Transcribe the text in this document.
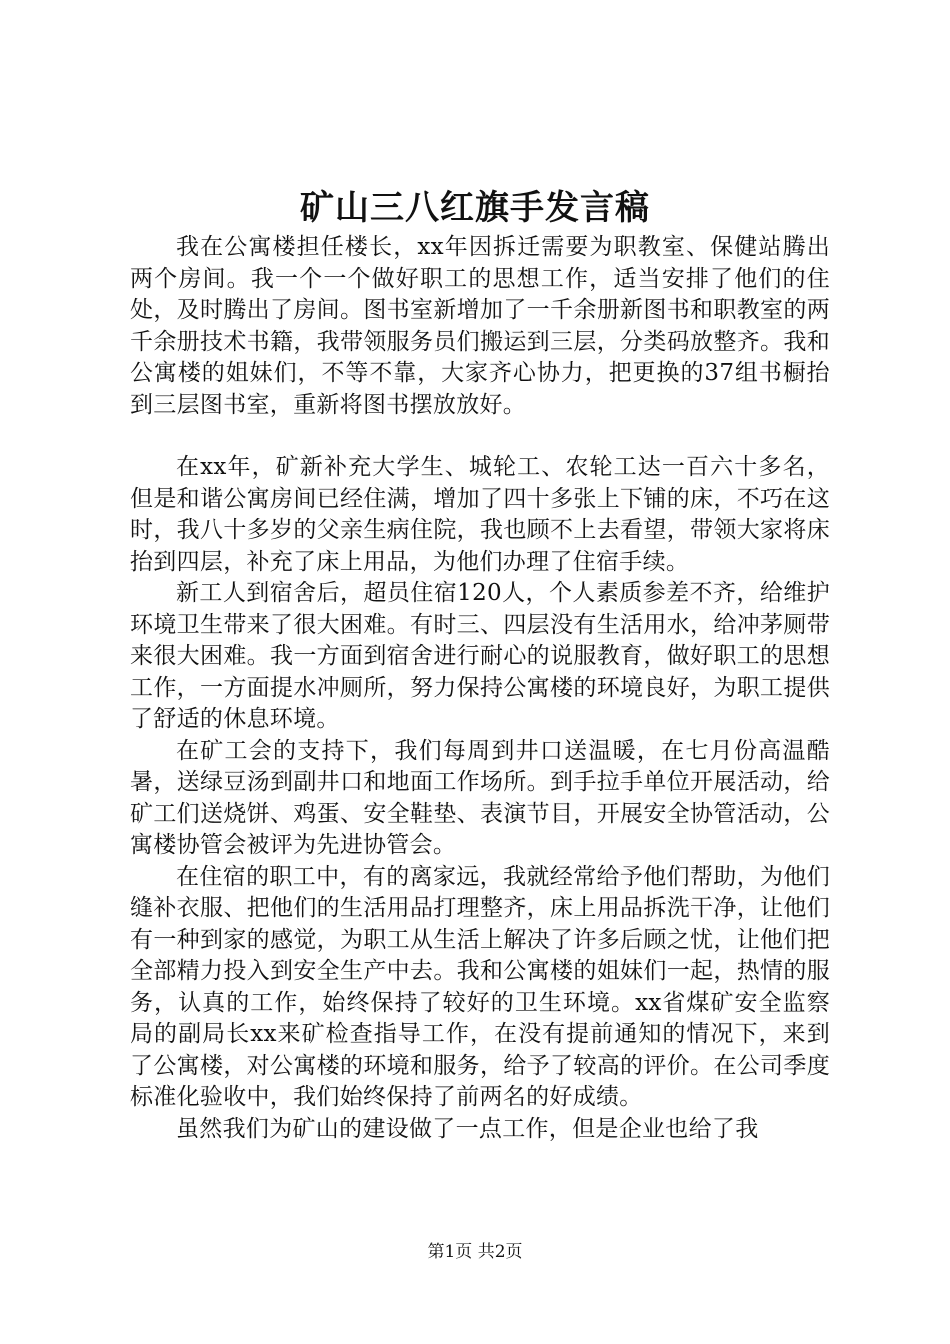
矿山三八红旗手发言稿

我在公寓楼担任楼长，xx年因拆迁需要为职教室、保健站腾出两个房间。我一个一个做好职工的思想工作，适当安排了他们的住处，及时腾出了房间。图书室新增加了一千余册新图书和职教室的两千余册技术书籍，我带领服务员们搬运到三层，分类码放整齐。我和公寓楼的姐妹们，不等不靠，大家齐心协力，把更换的37组书橱抬到三层图书室，重新将图书摆放放好。

在xx年，矿新补充大学生、城轮工、农轮工达一百六十多名，但是和谐公寓房间已经住满，增加了四十多张上下铺的床，不巧在这时，我八十多岁的父亲生病住院，我也顾不上去看望，带领大家将床抬到四层，补充了床上用品，为他们办理了住宿手续。

新工人到宿舍后，超员住宿120人，个人素质参差不齐，给维护环境卫生带来了很大困难。有时三、四层没有生活用水，给冲茅厕带来很大困难。我一方面到宿舍进行耐心的说服教育，做好职工的思想工作，一方面提水冲厕所，努力保持公寓楼的环境良好，为职工提供了舒适的休息环境。

在矿工会的支持下，我们每周到井口送温暖，在七月份高温酷暑，送绿豆汤到副井口和地面工作场所。到手拉手单位开展活动，给矿工们送烧饼、鸡蛋、安全鞋垫、表演节目，开展安全协管活动，公寓楼协管会被评为先进协管会。

在住宿的职工中，有的离家远，我就经常给予他们帮助，为他们缝补衣服、把他们的生活用品打理整齐，床上用品拆洗干净，让他们有一种到家的感觉，为职工从生活上解决了许多后顾之忧，让他们把全部精力投入到安全生产中去。我和公寓楼的姐妹们一起，热情的服务，认真的工作，始终保持了较好的卫生环境。xx省煤矿安全监察局的副局长xx来矿检查指导工作，在没有提前通知的情况下，来到了公寓楼，对公寓楼的环境和服务，给予了较高的评价。在公司季度标准化验收中，我们始终保持了前两名的好成绩。

虽然我们为矿山的建设做了一点工作，但是企业也给了我

第1页 共2页
